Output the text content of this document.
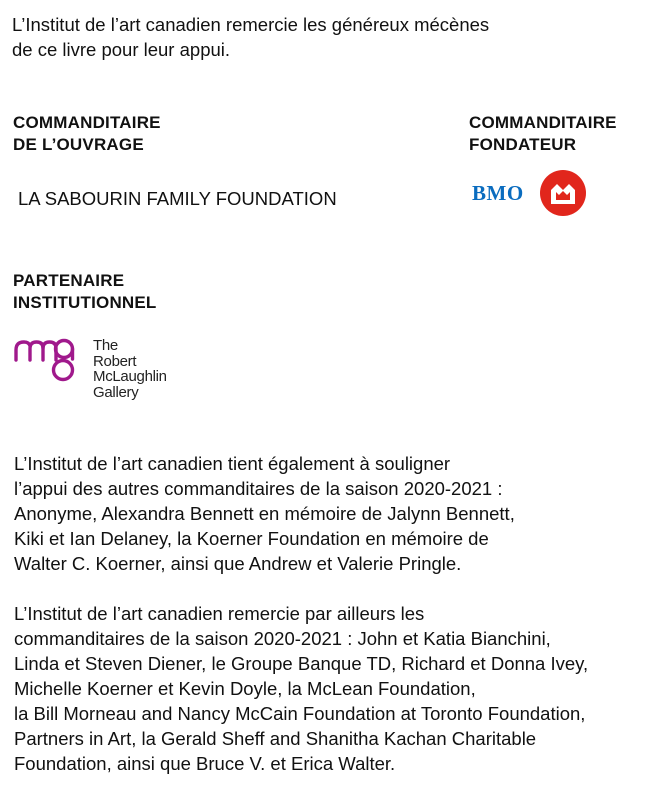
L’Institut de l’art canadien remercie les généreux mécènes
de ce livre pour leur appui.

COMMANDITAIRE
DE L’OUVRAGE

LA SABOURIN FAMILY FOUNDATION

COMMANDITAIRE
FONDATEUR
BMO
PARTENAIRE
INSTITUTIONNEL
The
Robert
McLaughlin
Gallery

L’Institut de l’art canadien tient également à souligner
l’appui des autres commanditaires de la saison 2020-2021 :
Anonyme, Alexandra Bennett en mémoire de Jalynn Bennett,
Kiki et Ian Delaney, la Koerner Foundation en mémoire de
Walter C. Koerner, ainsi que Andrew et Valerie Pringle.

L’Institut de l’art canadien remercie par ailleurs les
commanditaires de la saison 2020-2021 : John et Katia Bianchini,
Linda et Steven Diener, le Groupe Banque TD, Richard et Donna Ivey,
Michelle Koerner et Kevin Doyle, la McLean Foundation,
la Bill Morneau and Nancy McCain Foundation at Toronto Foundation,
Partners in Art, la Gerald Sheff and Shanitha Kachan Charitable
Foundation, ainsi que Bruce V. et Erica Walter.
